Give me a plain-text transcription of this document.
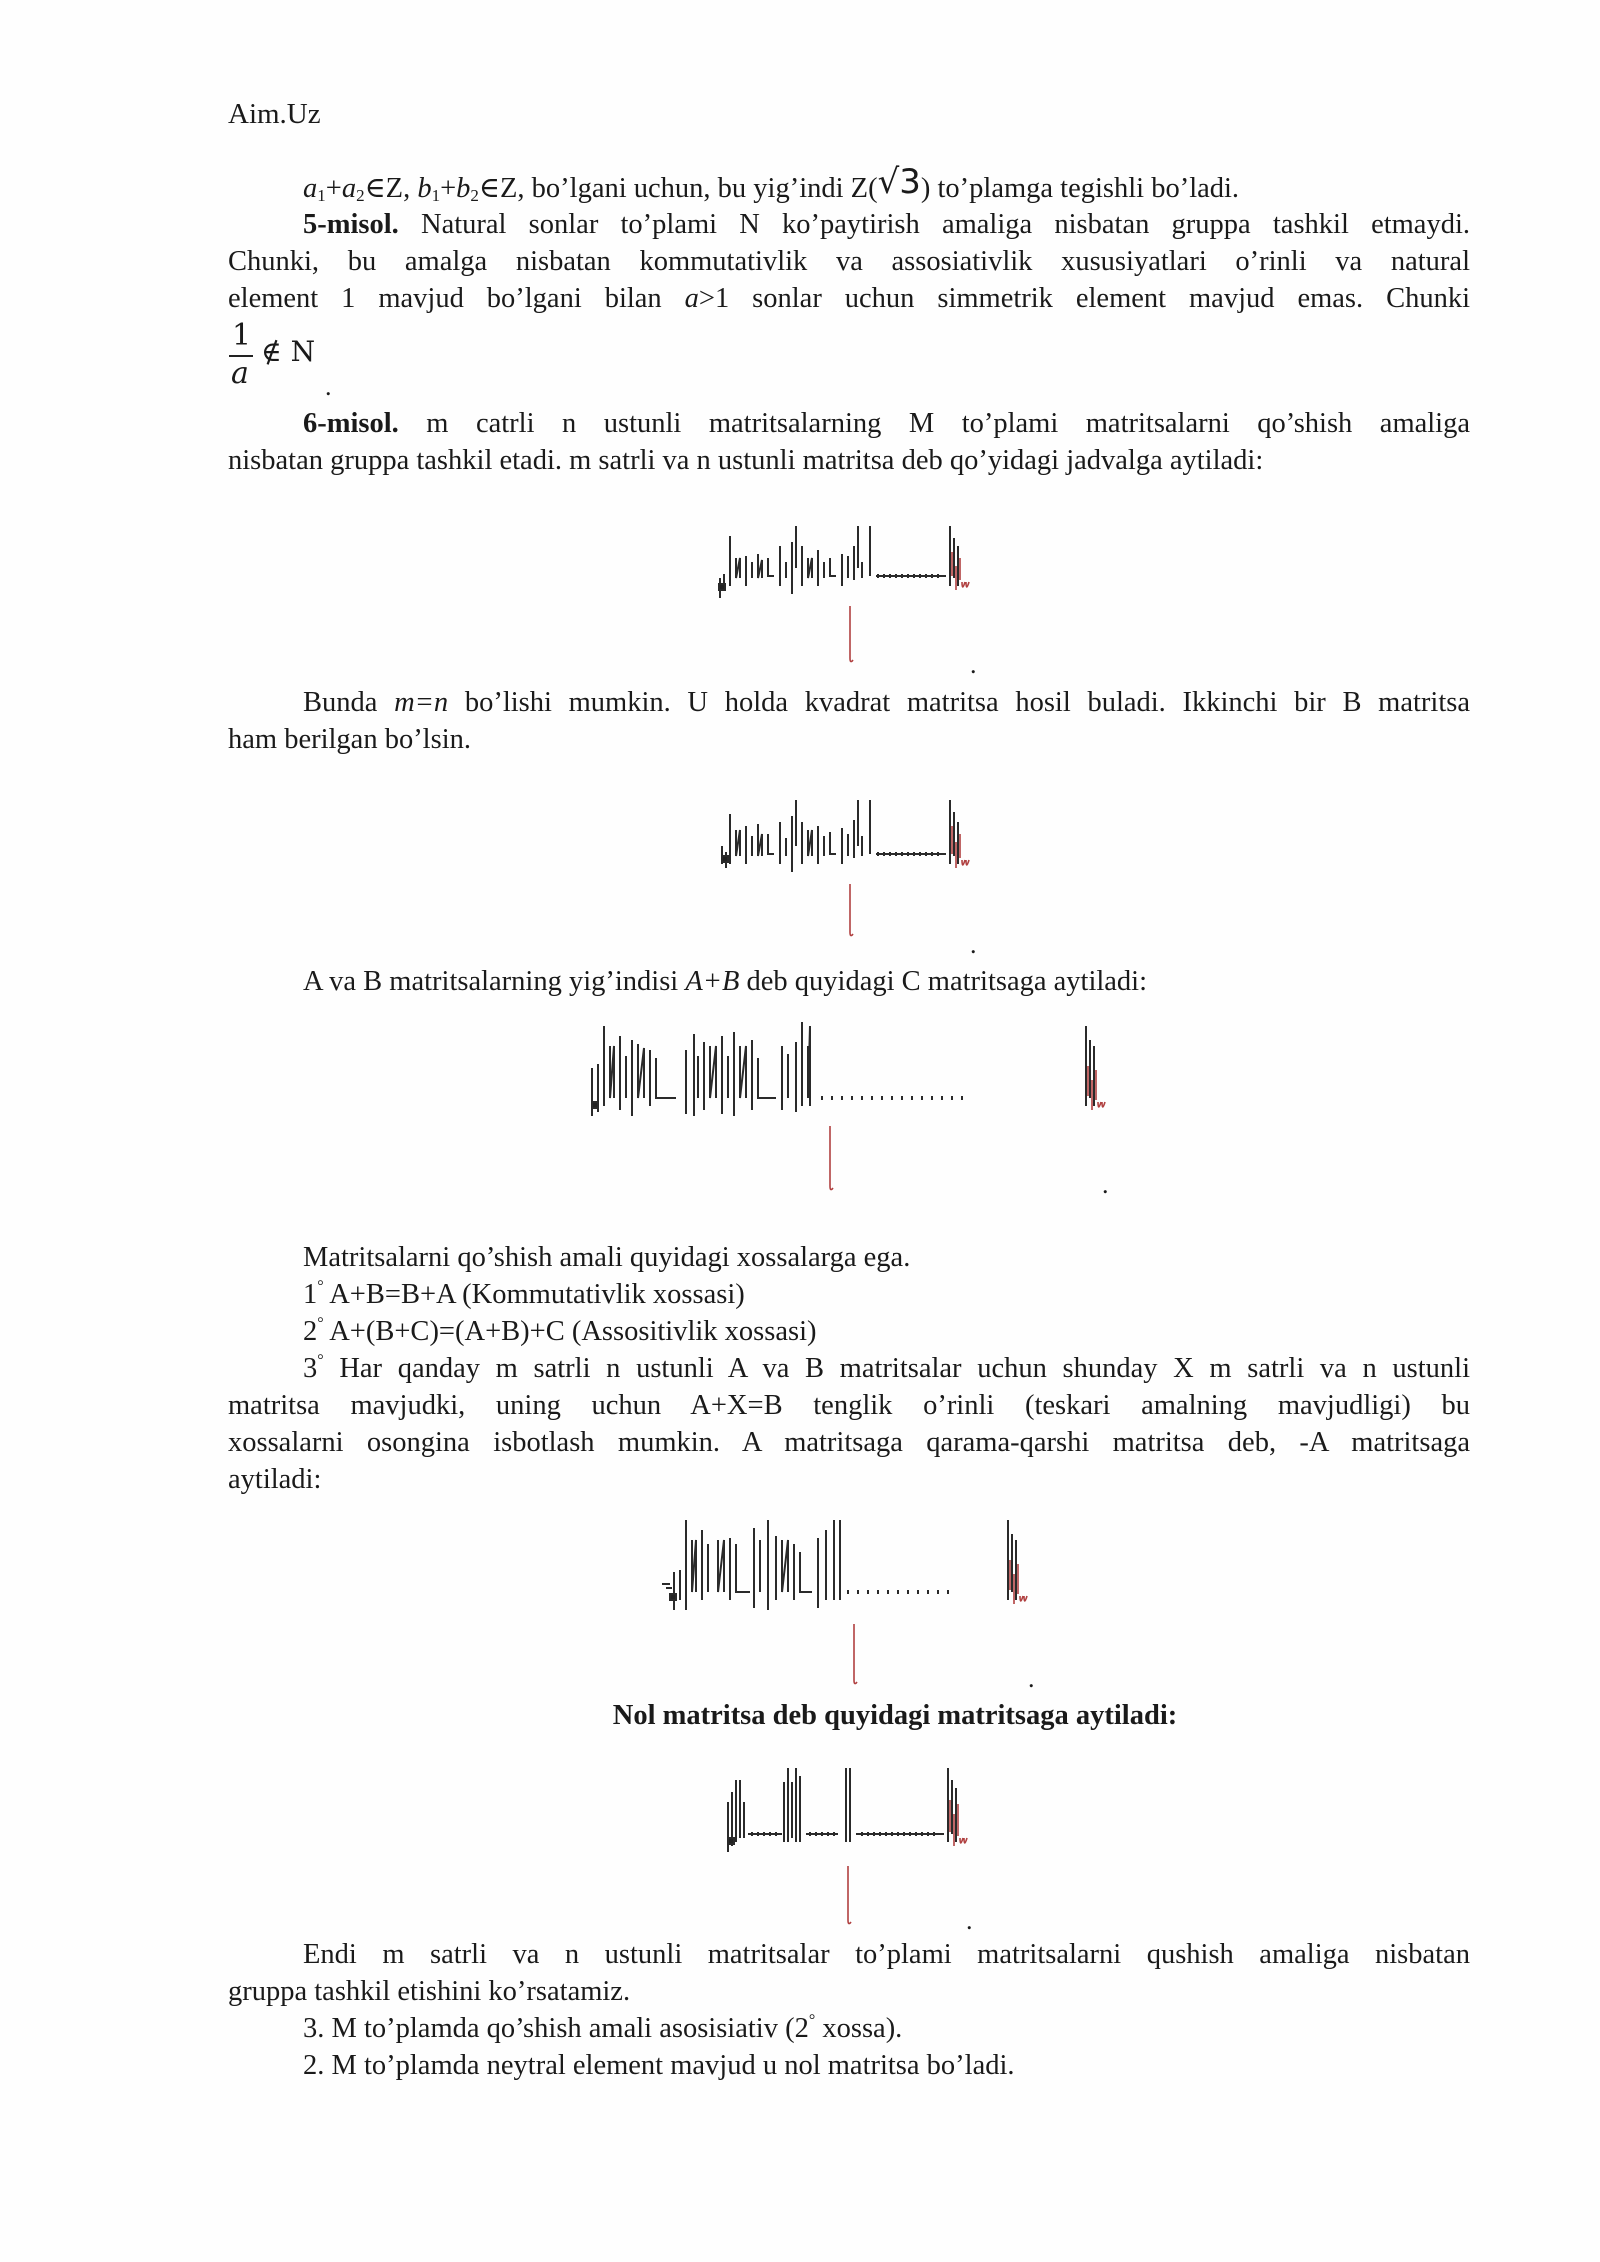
Aim.Uz
$a_1+a_2\in Z$, $b_1+b_2\in Z$, bo’lgani uchun, bu yig’indi Z(√3) to’plamga tegishli bo’ladi.
5-misol. Natural sonlar to’plami N ko’paytirish amaliga nisbatan gruppa tashkil etmaydi.
Chunki, bu amalga nisbatan kommutativlik va assosiativlik xususiyatlari o’rinli va natural
element 1 mavjud bo’lgani bilan a>1 sonlar uchun simmetrik element mavjud emas. Chunki
1
a
∉ N
.
6-misol. m catrli n ustunli matritsalarning M to’plami matritsalarni qo’shish amaliga
nisbatan gruppa tashkil etadi. m satrli va n ustunli matritsa deb qo’yidagi jadvalga aytiladi:
.
Bunda m=n bo’lishi mumkin. U holda kvadrat matritsa hosil buladi. Ikkinchi bir B matritsa
ham berilgan bo’lsin.
.
A va B matritsalarning yig’indisi A+B deb quyidagi C matritsaga aytiladi:
.
Matritsalarni qo’shish amali quyidagi xossalarga ega.
1° A+B=B+A (Kommutativlik xossasi)
2° A+(B+C)=(A+B)+C (Assositivlik xossasi)
3° Har qanday m satrli n ustunli A va B matritsalar uchun shunday X m satrli va n ustunli
matritsa mavjudki, uning uchun A+X=B tenglik o’rinli (teskari amalning mavjudligi) bu
xossalarni osongina isbotlash mumkin. A matritsaga qarama-qarshi matritsa deb, -A matritsaga
aytiladi:
.
Nol matritsa deb quyidagi matritsaga aytiladi:
.
Endi m satrli va n ustunli matritsalar to’plami matritsalarni qushish amaliga nisbatan
gruppa tashkil etishini ko’rsatamiz.
3. M to’plamda qo’shish amali asosisiativ (2° xossa).
2. M to’plamda neytral element mavjud u nol matritsa bo’ladi.
